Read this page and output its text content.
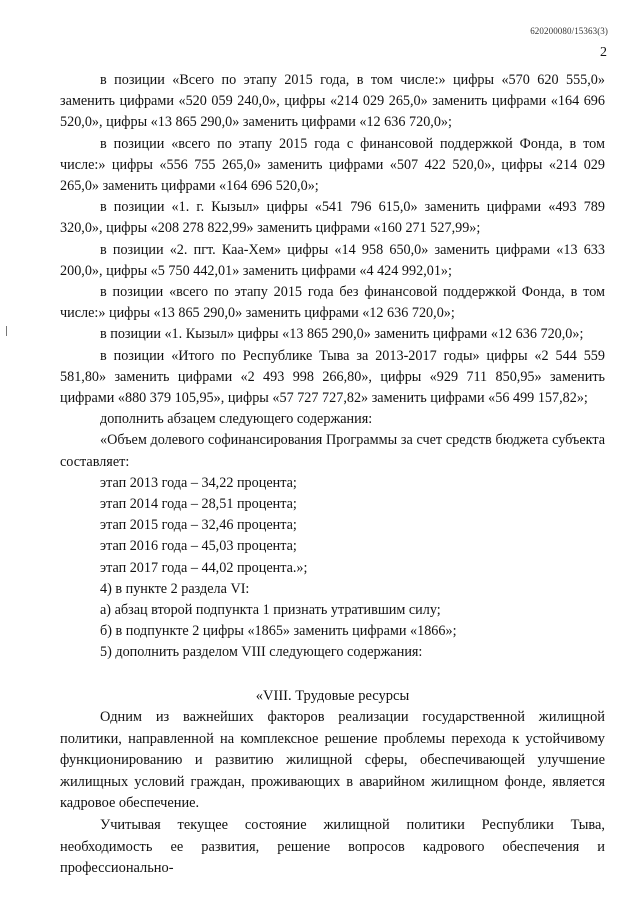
620200080/15363(3)
2

в позиции «Всего по этапу 2015 года, в том числе:» цифры «570 620 555,0» заменить цифрами «520 059 240,0», цифры «214 029 265,0» заменить цифрами «164 696 520,0», цифры «13 865 290,0» заменить цифрами «12 636 720,0»;

в позиции «всего по этапу 2015 года с финансовой поддержкой Фонда, в том числе:» цифры «556 755 265,0» заменить цифрами «507 422 520,0», цифры «214 029 265,0» заменить цифрами «164 696 520,0»;

в позиции «1. г. Кызыл» цифры «541 796 615,0» заменить цифрами «493 789 320,0», цифры «208 278 822,99» заменить цифрами «160 271 527,99»;

в позиции «2. пгт. Каа-Хем» цифры «14 958 650,0» заменить цифрами «13 633 200,0», цифры «5 750 442,01» заменить цифрами «4 424 992,01»;

в позиции «всего по этапу 2015 года без финансовой поддержкой Фонда, в том числе:» цифры «13 865 290,0» заменить цифрами «12 636 720,0»;

в позиции «1. Кызыл» цифры «13 865 290,0» заменить цифрами «12 636 720,0»;

в позиции «Итого по Республике Тыва за 2013-2017 годы» цифры «2 544 559 581,80» заменить цифрами «2 493 998 266,80», цифры «929 711 850,95» заменить цифрами «880 379 105,95», цифры «57 727 727,82» заменить цифрами «56 499 157,82»;

дополнить абзацем следующего содержания:

«Объем долевого софинансирования Программы за счет средств бюджета субъекта составляет:

этап 2013 года – 34,22 процента;

этап 2014 года – 28,51 процента;

этап 2015 года – 32,46 процента;

этап 2016 года – 45,03 процента;

этап 2017 года – 44,02 процента.»;

4) в пункте 2 раздела VI:

а) абзац второй подпункта 1 признать утратившим силу;

б) в подпункте 2 цифры «1865» заменить цифрами «1866»;

5) дополнить разделом VIII следующего содержания:

«VIII. Трудовые ресурсы

Одним из важнейших факторов реализации государственной жилищной политики, направленной на комплексное решение проблемы перехода к устойчивому функционированию и развитию жилищной сферы, обеспечивающей улучшение жилищных условий граждан, проживающих в аварийном жилищном фонде, является кадровое обеспечение.

Учитывая текущее состояние жилищной политики Республики Тыва, необходимость ее развития, решение вопросов кадрового обеспечения и профессионально-
